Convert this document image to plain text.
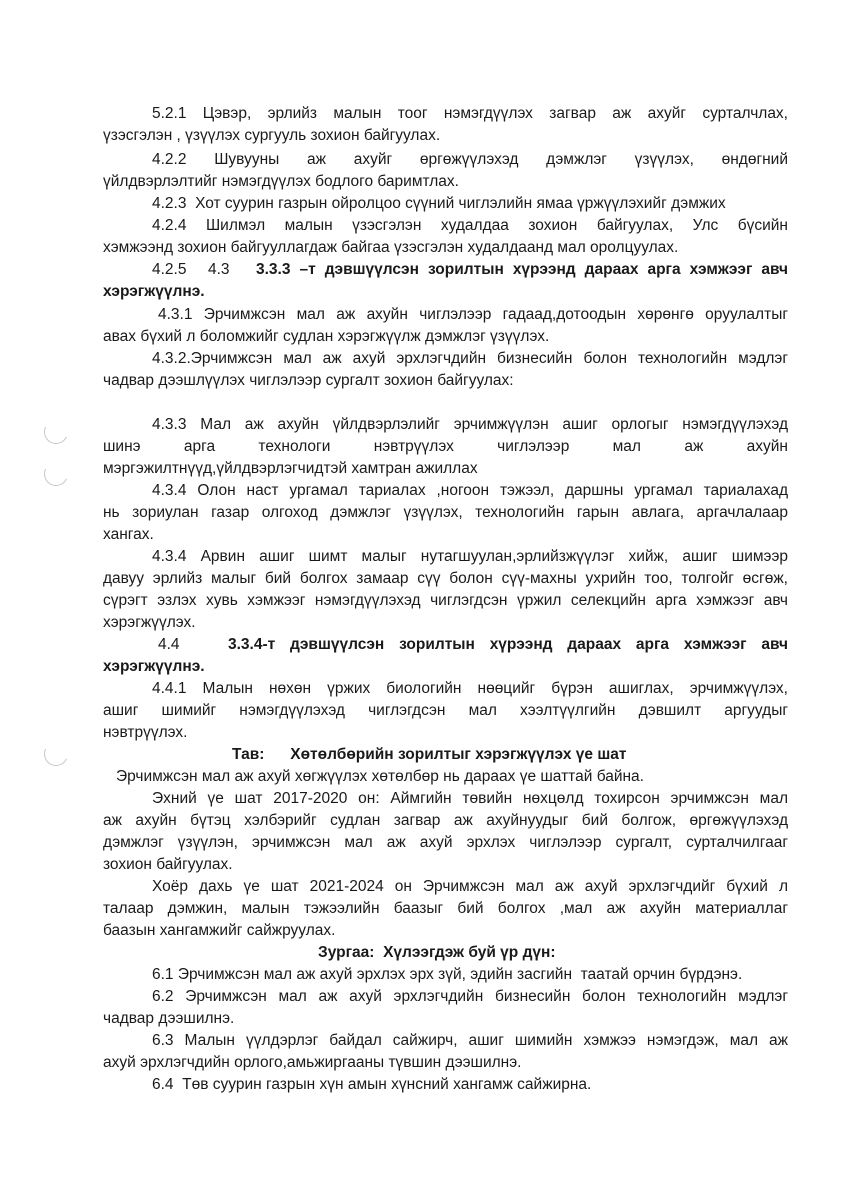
5.2.1 Цэвэр, эрлийз малын тоог нэмэгдүүлэх загвар аж ахуйг сурталчлах,

үзэсгэлэн , үзүүлэх сургууль зохион байгуулах.

4.2.2 Шувууны аж ахуйг өргөжүүлэхэд дэмжлэг үзүүлэх, өндөгний

үйлдвэрлэлтийг нэмэгдүүлэх бодлого баримтлах.

4.2.3  Хот суурин газрын ойролцоо сүүний чиглэлийн ямаа үржүүлэхийг дэмжих

4.2.4 Шилмэл малын үзэсгэлэн худалдаа зохион байгуулах, Улс бүсийн

хэмжээнд зохион байгууллагдаж байгаа үзэсгэлэн худалдаанд мал оролцуулах.

4.2.5     4.3 3.3.3 –т дэвшүүлсэн зорилтын хүрээнд дараах арга хэмжээг авч

хэрэгжүүлнэ.

4.3.1 Эрчимжсэн мал аж ахуйн чиглэлээр гадаад,дотоодын хөрөнгө оруулалтыг

авах бүхий л боломжийг судлан хэрэгжүүлж дэмжлэг үзүүлэх.

4.3.2.Эрчимжсэн мал аж ахуй эрхлэгчдийн бизнесийн болон технологийн мэдлэг

чадвар дээшлүүлэх чиглэлээр сургалт зохион байгуулах:

4.3.3 Мал аж ахуйн үйлдвэрлэлийг эрчимжүүлэн ашиг орлогыг нэмэгдүүлэхэд

шинэ арга технологи нэвтрүүлэх чиглэлээр мал аж ахуйн

мэргэжилтнүүд,үйлдвэрлэгчидтэй хамтран ажиллах

4.3.4 Олон наст ургамал тариалах ,ногоон тэжээл, даршны ургамал тариалахад

нь зориулан газар олгоход дэмжлэг үзүүлэх, технологийн гарын авлага, аргачлалаар

хангах.

4.3.4 Арвин ашиг шимт малыг нутагшуулан,эрлийзжүүлэг хийж, ашиг шимээр

давуу эрлийз малыг бий болгох замаар сүү болон сүү-махны ухрийн тоо, толгойг өсгөж,

сүрэгт эзлэх хувь хэмжээг нэмэгдүүлэхэд чиглэгдсэн үржил селекцийн арга хэмжээг авч

хэрэгжүүлэх.

4.4	3.3.4-т дэвшүүлсэн зорилтын хүрээнд дараах арга хэмжээг авч

хэрэгжүүлнэ.

4.4.1 Малын нөхөн үржих биологийн нөөцийг бүрэн ашиглах, эрчимжүүлэх,

ашиг шимийг нэмэгдүүлэхэд чиглэгдсэн мал хээлтүүлгийн дэвшилт аргуудыг

нэвтрүүлэх.

Тав:      Хөтөлбөрийн зорилтыг хэрэгжүүлэх үе шат

Эрчимжсэн мал аж ахуй хөгжүүлэх хөтөлбөр нь дараах үе шаттай байна.

Эхний үе шат 2017-2020 он: Аймгийн төвийн нөхцөлд тохирсон эрчимжсэн мал

аж ахуйн бүтэц хэлбэрийг судлан загвар аж ахуйнуудыг бий болгож, өргөжүүлэхэд

дэмжлэг үзүүлэн, эрчимжсэн мал аж ахуй эрхлэх чиглэлээр сургалт, сурталчилгааг

зохион байгуулах.

Хоёр дахь үе шат 2021-2024 он Эрчимжсэн мал аж ахуй эрхлэгчдийг бүхий л

талаар дэмжин, малын тэжээлийн баазыг бий болгох ,мал аж ахуйн материаллаг

баазын хангамжийг сайжруулах.

Зургаа:  Хүлээгдэж буй үр дүн:

6.1 Эрчимжсэн мал аж ахуй эрхлэх эрх зүй, эдийн засгийн  таатай орчин бүрдэнэ.

6.2 Эрчимжсэн мал аж ахуй эрхлэгчдийн бизнесийн болон технологийн мэдлэг

чадвар дээшилнэ.

6.3 Малын үүлдэрлэг байдал сайжирч, ашиг шимийн хэмжээ нэмэгдэж, мал аж

ахуй эрхлэгчдийн орлого,амьжиргааны түвшин дээшилнэ.

6.4  Төв суурин газрын хүн амын хүнсний хангамж сайжирна.
